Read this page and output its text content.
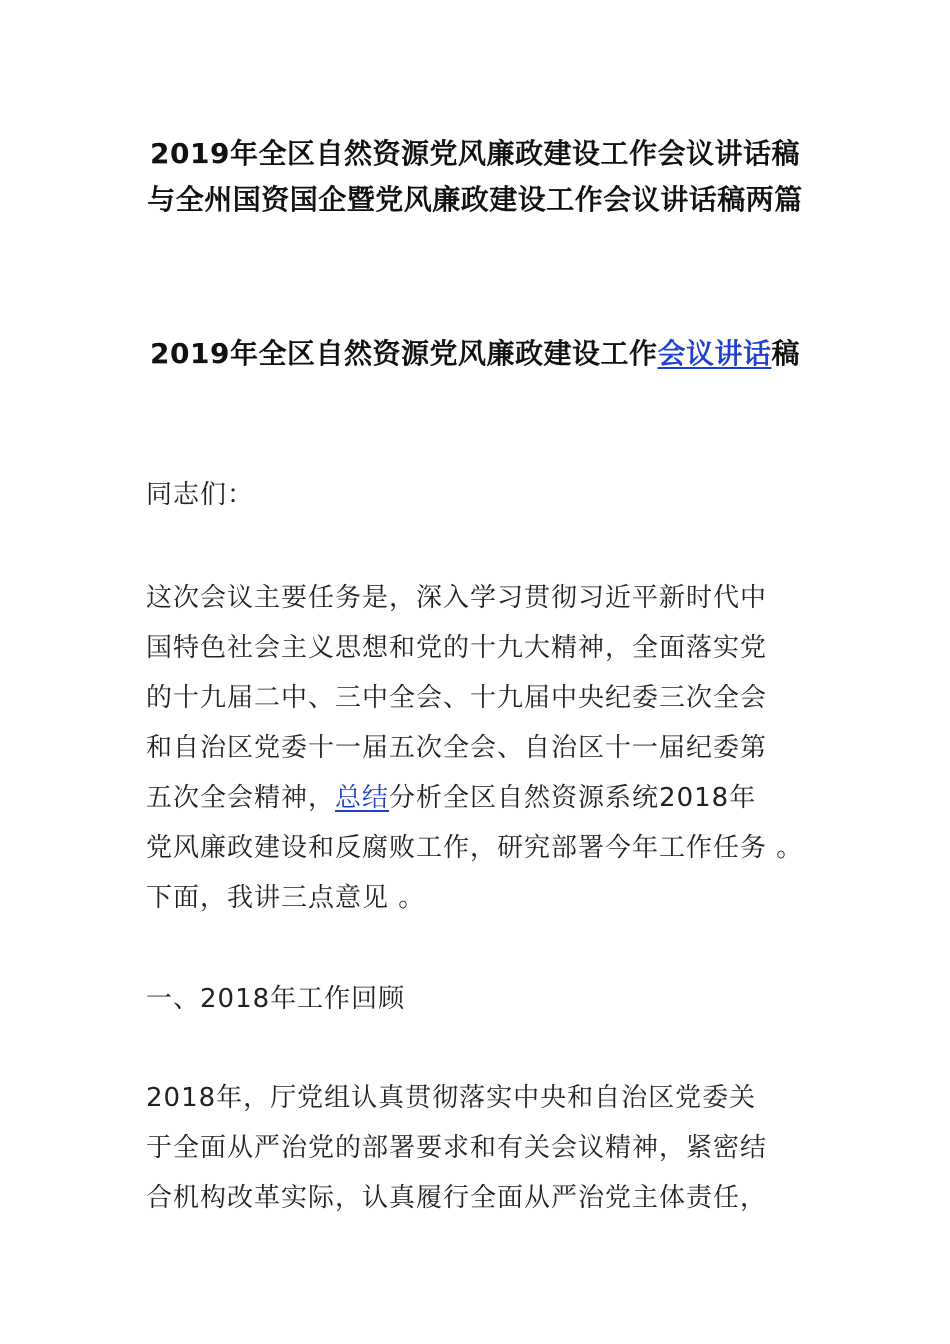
2019年全区自然资源党风廉政建设工作会议讲话稿
与全州国资国企暨党风廉政建设工作会议讲话稿两篇
2019年全区自然资源党风廉政建设工作会议讲话稿

同志们：

这次会议主要任务是，深入学习贯彻习近平新时代中

国特色社会主义思想和党的十九大精神，全面落实党

的十九届二中、三中全会、十九届中央纪委三次全会

和自治区党委十一届五次全会、自治区十一届纪委第

五次全会精神，总结分析全区自然资源系统2018年

党风廉政建设和反腐败工作，研究部署今年工作任务 。

下面，我讲三点意见 。

一、2018年工作回顾

2018年，厅党组认真贯彻落实中央和自治区党委关

于全面从严治党的部署要求和有关会议精神，紧密结

合机构改革实际，认真履行全面从严治党主体责任，
